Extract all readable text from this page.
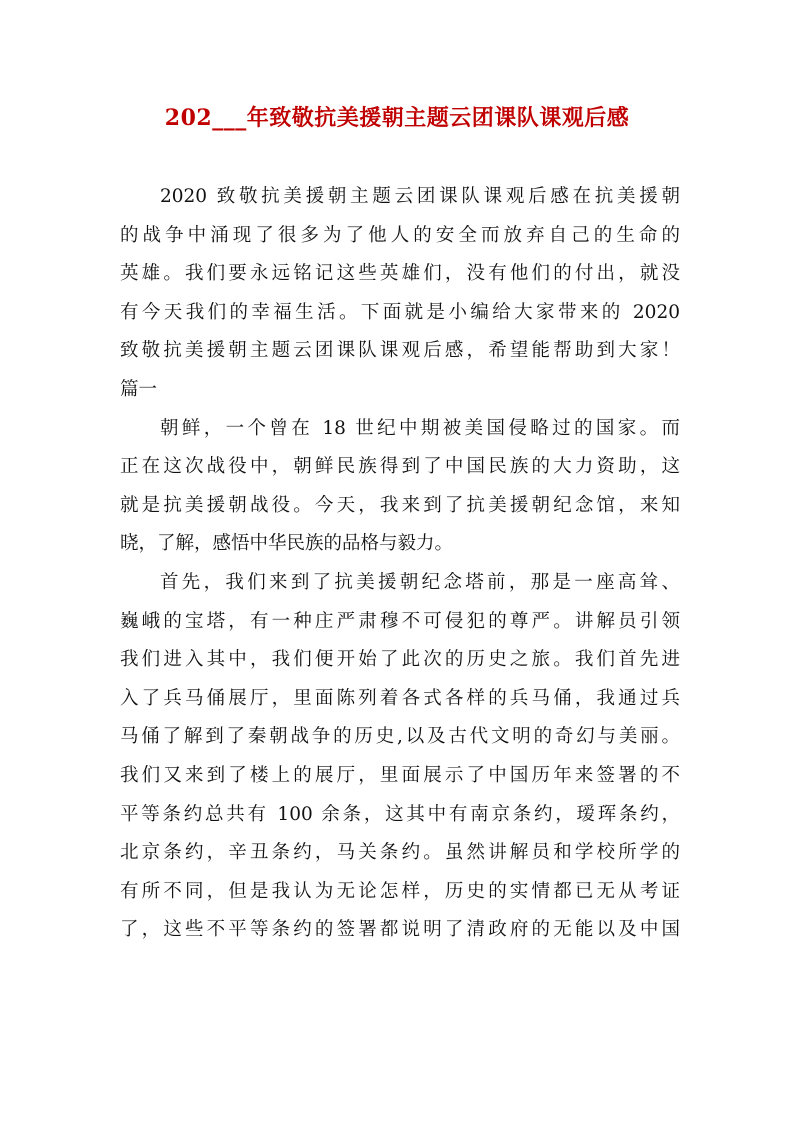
202___年致敬抗美援朝主题云团课队课观后感
2020 致敬抗美援朝主题云团课队课观后感在抗美援朝
的战争中涌现了很多为了他人的安全而放弃自己的生命的
英雄。我们要永远铭记这些英雄们，没有他们的付出，就没
有今天我们的幸福生活。下面就是小编给大家带来的 2020
致敬抗美援朝主题云团课队课观后感，希望能帮助到大家！
篇一
朝鲜，一个曾在 18 世纪中期被美国侵略过的国家。而
正在这次战役中，朝鲜民族得到了中国民族的大力资助，这
就是抗美援朝战役。今天，我来到了抗美援朝纪念馆，来知
晓，了解，感悟中华民族的品格与毅力。
首先，我们来到了抗美援朝纪念塔前，那是一座高耸、
巍峨的宝塔，有一种庄严肃穆不可侵犯的尊严。讲解员引领
我们进入其中，我们便开始了此次的历史之旅。我们首先进
入了兵马俑展厅，里面陈列着各式各样的兵马俑，我通过兵
马俑了解到了秦朝战争的历史,以及古代文明的奇幻与美丽。
我们又来到了楼上的展厅，里面展示了中国历年来签署的不
平等条约总共有 100 余条，这其中有南京条约，瑷珲条约，
北京条约，辛丑条约，马关条约。虽然讲解员和学校所学的
有所不同，但是我认为无论怎样，历史的实情都已无从考证
了，这些不平等条约的签署都说明了清政府的无能以及中国
